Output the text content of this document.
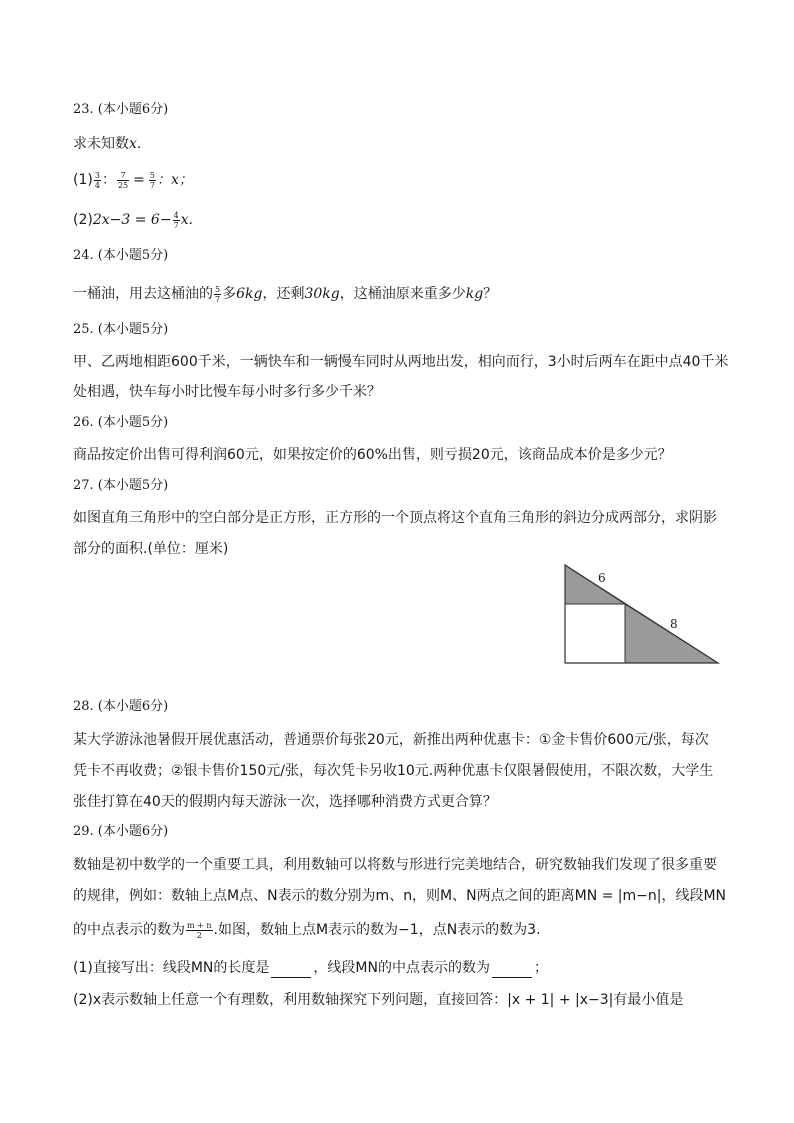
23. (本小题6分)
求未知数x.
$(1) \frac{3}{4}$ ： $\frac{7}{25} = \frac{5}{7}$ ：x；
$(2)2x-3 = 6- \frac{4}{7} x$.
24. (本小题5分)
一桶油，用去这桶油的 $\frac{5}{7}$ 多6kg，还剩30kg，这桶油原来重多少kg？
25. (本小题5分)
甲、乙两地相距600千米，一辆快车和一辆慢车同时从两地出发，相向而行，3小时后两车在距中点40千米
处相遇，快车每小时比慢车每小时多行多少千米？
26. (本小题5分)
商品按定价出售可得利润60元，如果按定价的60%出售，则亏损20元，该商品成本价是多少元？
27. (本小题5分)
如图直角三角形中的空白部分是正方形，正方形的一个顶点将这个直角三角形的斜边分成两部分，求阴影
部分的面积.(单位：厘米)
6
8
28. (本小题6分)
某大学游泳池暑假开展优惠活动，普通票价每张20元，新推出两种优惠卡：①金卡售价600元/张，每次
凭卡不再收费；②银卡售价150元/张，每次凭卡另收10元.两种优惠卡仅限暑假使用，不限次数，大学生
张佳打算在40天的假期内每天游泳一次，选择哪种消费方式更合算？
29. (本小题6分)
数轴是初中数学的一个重要工具，利用数轴可以将数与形进行完美地结合，研究数轴我们发现了很多重要
的规律，例如：数轴上点M点、N表示的数分别为m、n，则M、N两点之间的距离MN = |m−n|，线段MN
的中点表示的数为 $\frac{m + n}{2}$ .如图，数轴上点M表示的数为−1，点N表示的数为3.
(1)直接写出：线段MN的长度是	，线段MN的中点表示的数为	；
(2)x表示数轴上任意一个有理数，利用数轴探究下列问题，直接回答：|x + 1| + |x−3|有最小值是
